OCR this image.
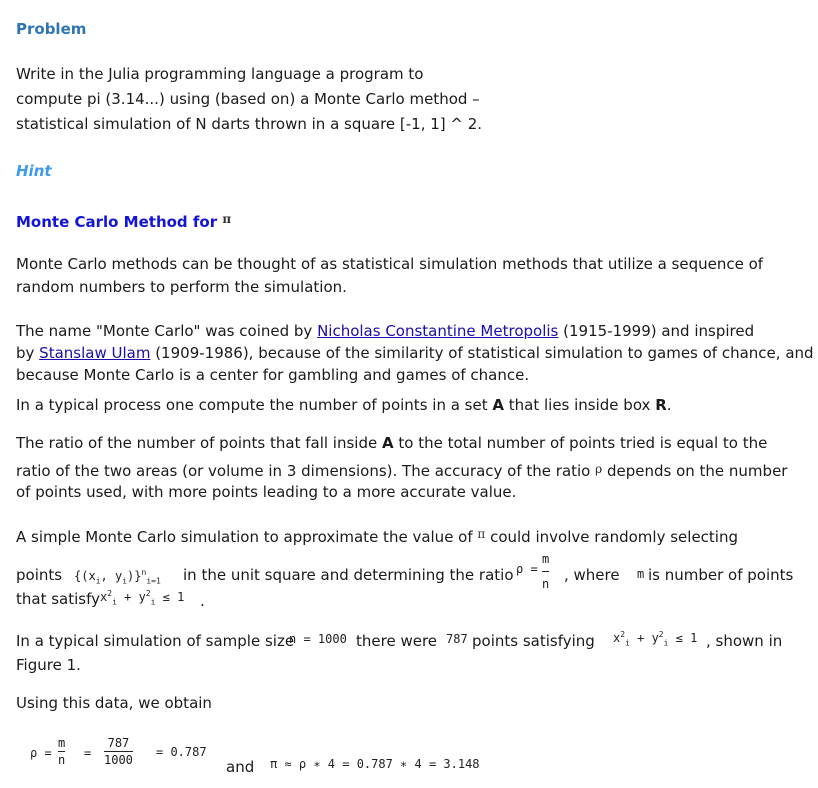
Problem

Write in the Julia programming language a program to

compute pi (3.14...) using (based on) a Monte Carlo method –

statistical simulation of N darts thrown in a square [-1, 1] ^ 2.

Hint

Monte Carlo Method for $^\pi$

Monte Carlo methods can be thought of as statistical simulation methods that utilize a sequence of

random numbers to perform the simulation.

The name "Monte Carlo" was coined by Nicholas Constantine Metropolis (1915-1999) and inspired

by Stanslaw Ulam (1909-1986), because of the similarity of statistical simulation to games of chance, and

because Monte Carlo is a center for gambling and games of chance.

In a typical process one compute the number of points in a set A that lies inside box R.

The ratio of the number of points that fall inside A to the total number of points tried is equal to the

ratio of the two areas (or volume in 3 dimensions). The accuracy of the ratio $^\rho$ depends on the number

of points used, with more points leading to a more accurate value.

A simple Monte Carlo simulation to approximate the value of $^\pi$ could involve randomly selecting

points {($x_i$, $y_i)\}^n_{i=1}$ in the unit square and determining the ratio ρ =
m
n , where m is number of points
that satisfy $x^2_i + y^2_i \le 1$ .
In a typical simulation of sample size
n = 1000 there were 787 points satisfying $x^2_i + y^2_i \le 1$ , shown in

Figure 1.

Using this data, we obtain

ρ =
m
n =
787
1000
= 0.787
and π ≈ ρ ∗ 4 = 0.787 ∗ 4 = 3.148
